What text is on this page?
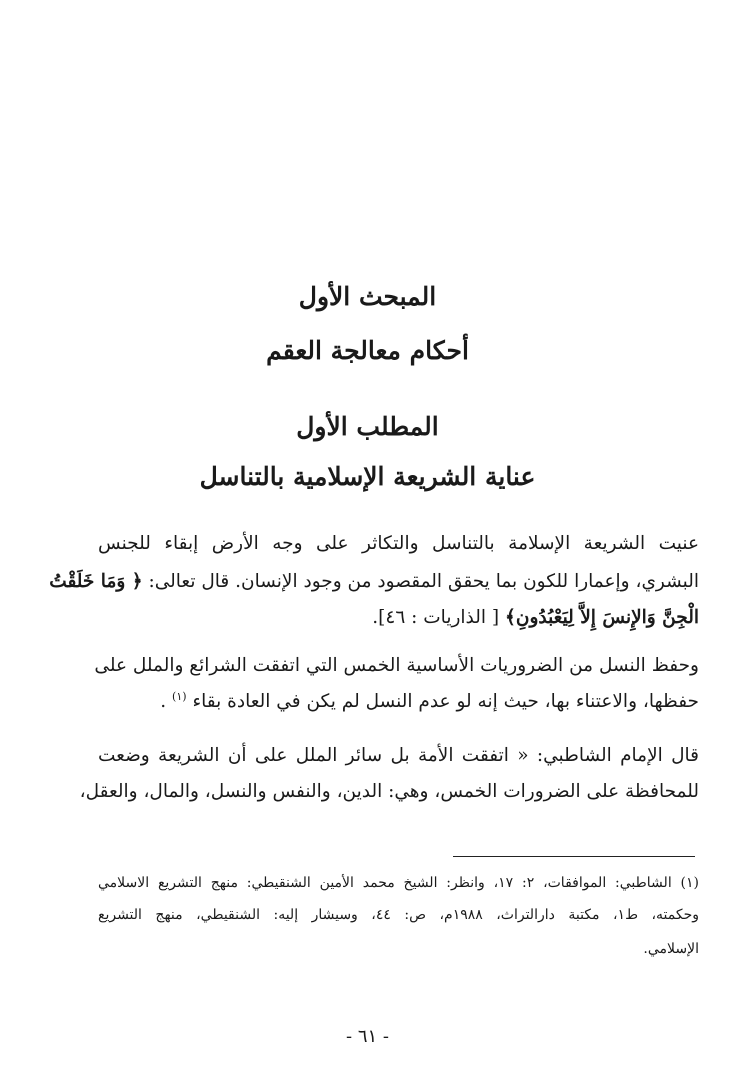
المبحث الأول
أحكام معالجة العقم
المطلب الأول
عناية الشريعة الإسلامية بالتناسل
عنيت الشريعة الإسلامة بالتناسل والتكاثر على وجه الأرض إبقاء للجنس
البشري، وإعمارا للكون بما يحقق المقصود من وجود الإنسان. قال تعالى: ﴿ وَمَا خَلَقْتُ
الْجِنَّ وَالإِنسَ إِلاَّ لِيَعْبُدُونِ﴾ [ الذاريات : ٤٦].
وحفظ النسل من الضروريات الأساسية الخمس التي اتفقت الشرائع والملل على
حفظها، والاعتناء بها، حيث إنه لو عدم النسل لم يكن في العادة بقاء $^{(١)}$ .
قال الإمام الشاطبي: « اتفقت الأمة بل سائر الملل على أن الشريعة وضعت
للمحافظة على الضرورات الخمس، وهي: الدين، والنفس والنسل، والمال، والعقل،
(١) الشاطبي: الموافقات، ٢: ١٧، وانظر: الشيخ محمد الأمين الشنقيطي: منهج التشريع الاسلامي
وحكمته، ط١، مكتبة دارالتراث، ١٩٨٨م، ص: ٤٤، وسيشار إليه: الشنقيطي، منهج التشريع
الإسلامي.
- ٦١ -
